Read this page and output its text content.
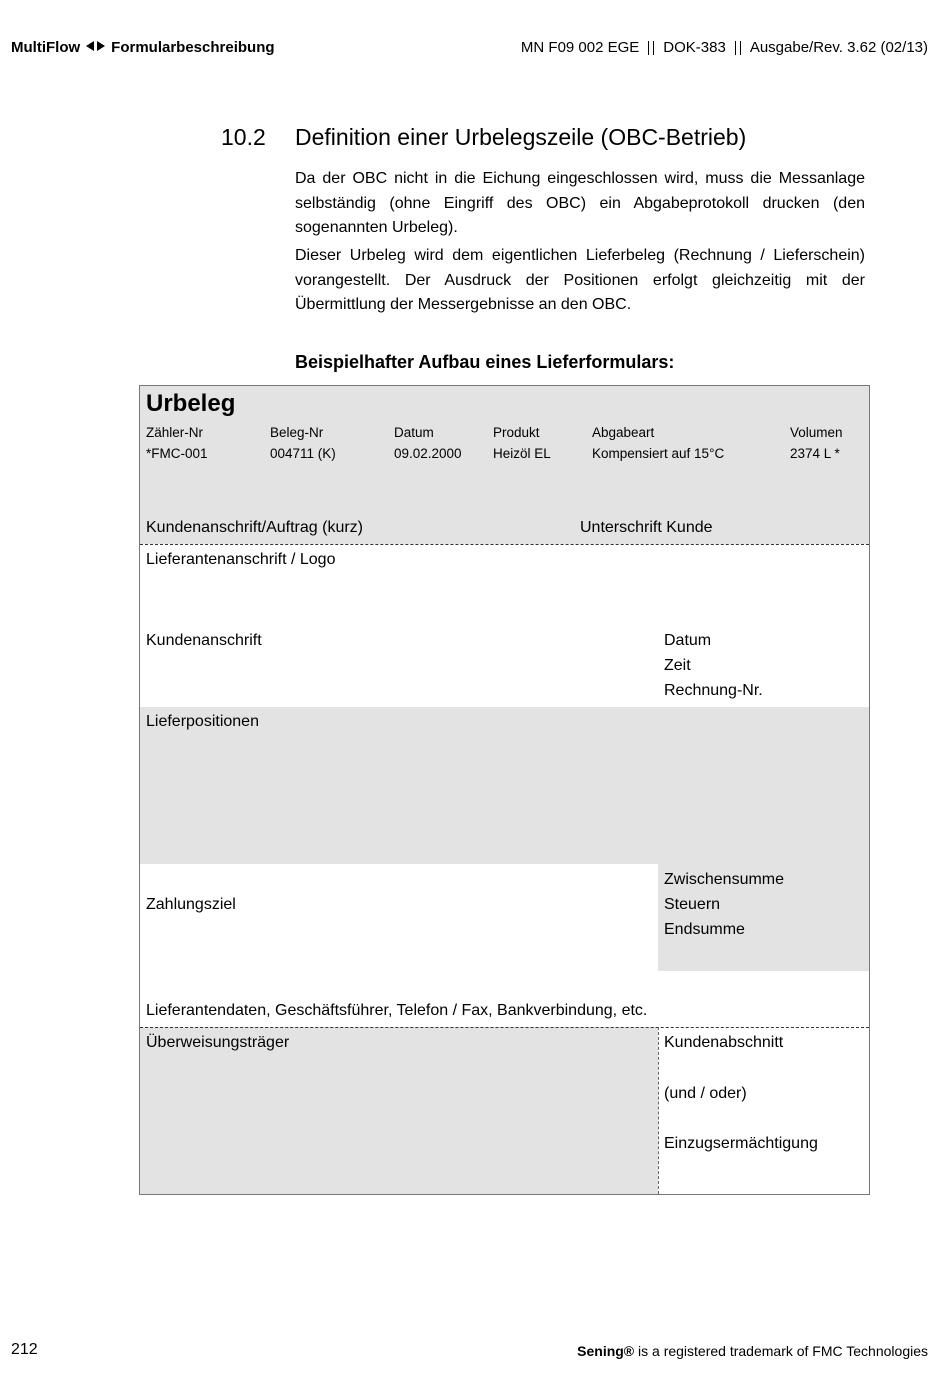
MultiFlow Formularbeschreibung	MN F09 002 EGE DOK-383 Ausgabe/Rev. 3.62 (02/13)
10.2 Definition einer Urbelegszeile (OBC-Betrieb)
Da der OBC nicht in die Eichung eingeschlossen wird, muss die Messanlage selbständig (ohne Eingriff des OBC) ein Abgabeprotokoll drucken (den sogenannten Urbeleg).
Dieser Urbeleg wird dem eigentlichen Lieferbeleg (Rechnung / Lieferschein) vorangestellt. Der Ausdruck der Positionen erfolgt gleichzeitig mit der Übermittlung der Messergebnisse an den OBC.
Beispielhafter Aufbau eines Lieferformulars:
Urbeleg
Zähler-Nr	Beleg-Nr	Datum	Produkt	Abgabeart	Volumen
*FMC-001	004711 (K)	09.02.2000 Heizöl EL	Kompensiert auf 15°C	2374 L *
Kundenanschrift/Auftrag (kurz)	Unterschrift Kunde
Lieferantenanschrift / Logo
Kundenanschrift	Datum
Zeit
Rechnung-Nr.
Lieferpositionen
Zahlungsziel
Zwischensumme
Steuern
Endsumme
Lieferantendaten, Geschäftsführer, Telefon / Fax, Bankverbindung, etc.
Überweisungsträger	Kundenabschnitt
(und / oder)
Einzugsermächtigung
212	Sening® is a registered trademark of FMC Technologies
